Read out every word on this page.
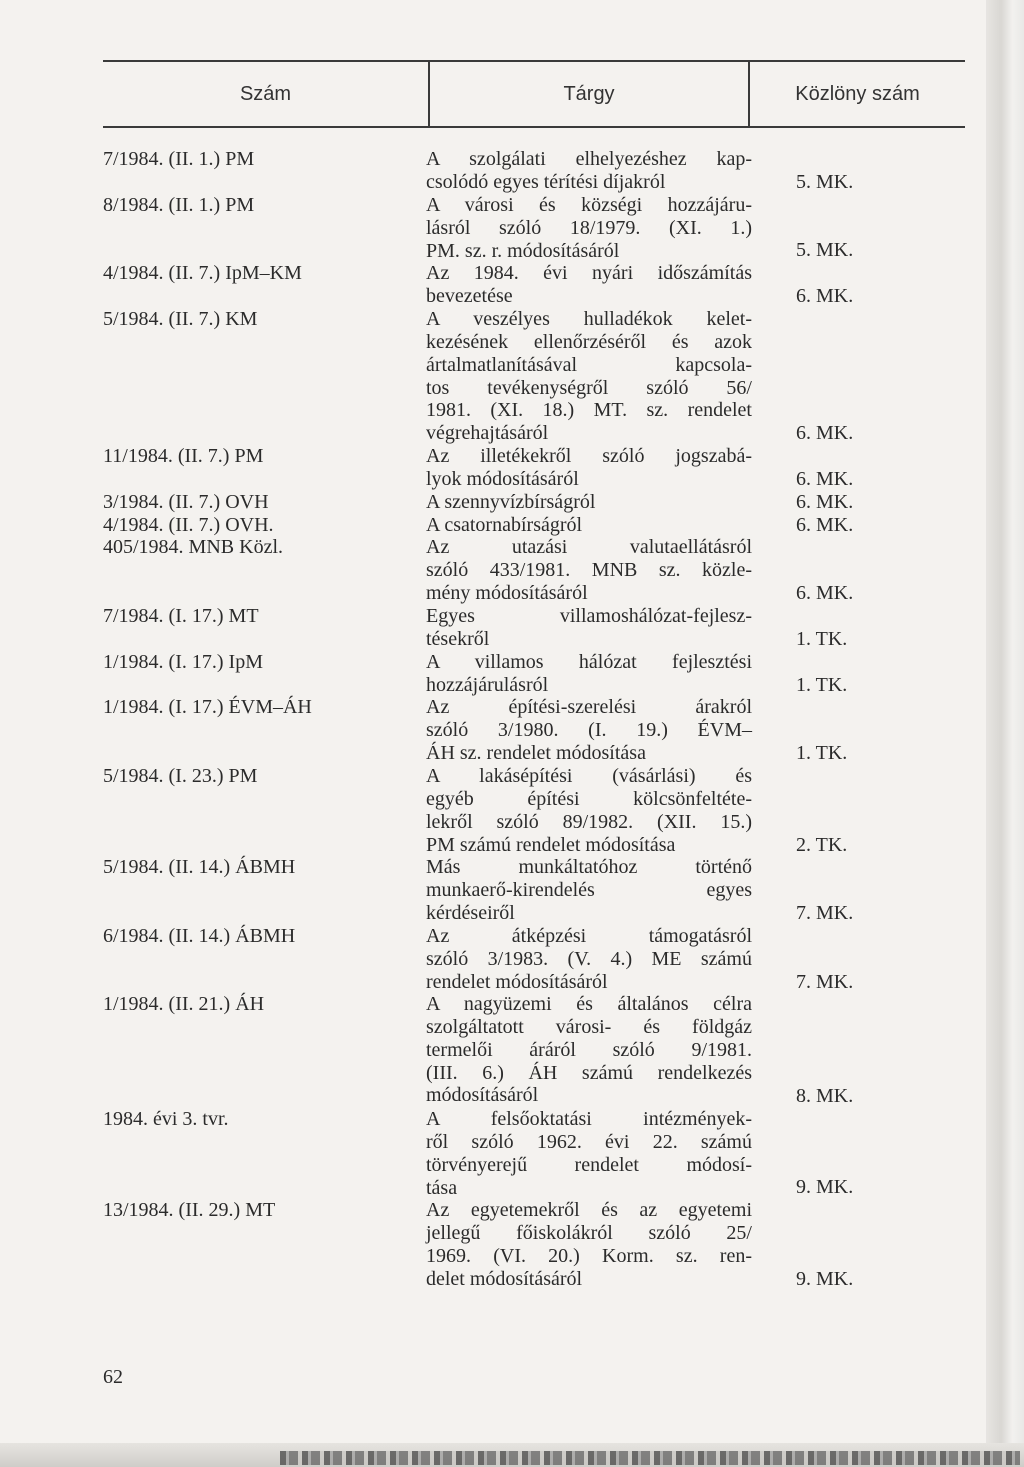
Szám	Tárgy	Közlöny szám
7/1984. (II. 1.) PM	A szolgálati elhelyezéshez kap-
csolódó egyes térítési díjakról	5. MK.
8/1984. (II. 1.) PM	A városi és községi hozzájáru-
lásról szóló 18/1979. (XI. 1.)
PM. sz. r. módosításáról	5. MK.
4/1984. (II. 7.) IpM–KM	Az 1984. évi nyári időszámítás
bevezetése	6. MK.
5/1984. (II. 7.) KM	A veszélyes hulladékok kelet-
kezésének ellenőrzéséről és azok
ártalmatlanításával kapcsola-
tos tevékenységről szóló 56/
1981. (XI. 18.) MT. sz. rendelet
végrehajtásáról	6. MK.
11/1984. (II. 7.) PM	Az illetékekről szóló jogszabá-
lyok módosításáról	6. MK.
3/1984. (II. 7.) OVH	A szennyvízbírságról	6. MK.
4/1984. (II. 7.) OVH.	A csatornabírságról	6. MK.
405/1984. MNB Közl.	Az utazási valutaellátásról
szóló 433/1981. MNB sz. közle-
mény módosításáról	6. MK.
7/1984. (I. 17.) MT	Egyes villamoshálózat-fejlesz-
tésekről	1. TK.
1/1984. (I. 17.) IpM	A villamos hálózat fejlesztési
hozzájárulásról	1. TK.
1/1984. (I. 17.) ÉVM–ÁH	Az építési-szerelési árakról
szóló 3/1980. (I. 19.) ÉVM–
ÁH sz. rendelet módosítása	1. TK.
5/1984. (I. 23.) PM	A lakásépítési (vásárlási) és
egyéb építési kölcsönfeltéte-
lekről szóló 89/1982. (XII. 15.)
PM számú rendelet módosítása	2. TK.
5/1984. (II. 14.) ÁBMH	Más munkáltatóhoz történő
munkaerő-kirendelés egyes
kérdéseiről	7. MK.
6/1984. (II. 14.) ÁBMH	Az átképzési támogatásról
szóló 3/1983. (V. 4.) ME számú
rendelet módosításáról	7. MK.
1/1984. (II. 21.) ÁH	A nagyüzemi és általános célra
szolgáltatott városi- és földgáz
termelői áráról szóló 9/1981.
(III. 6.) ÁH számú rendelkezés
módosításáról	8. MK.
1984. évi 3. tvr.	A felsőoktatási intézmények-
ről szóló 1962. évi 22. számú
törvényerejű rendelet módosí-
tása	9. MK.
13/1984. (II. 29.) MT	Az egyetemekről és az egyetemi
jellegű főiskolákról szóló 25/
1969. (VI. 20.) Korm. sz. ren-
delet módosításáról	9. MK.
62
